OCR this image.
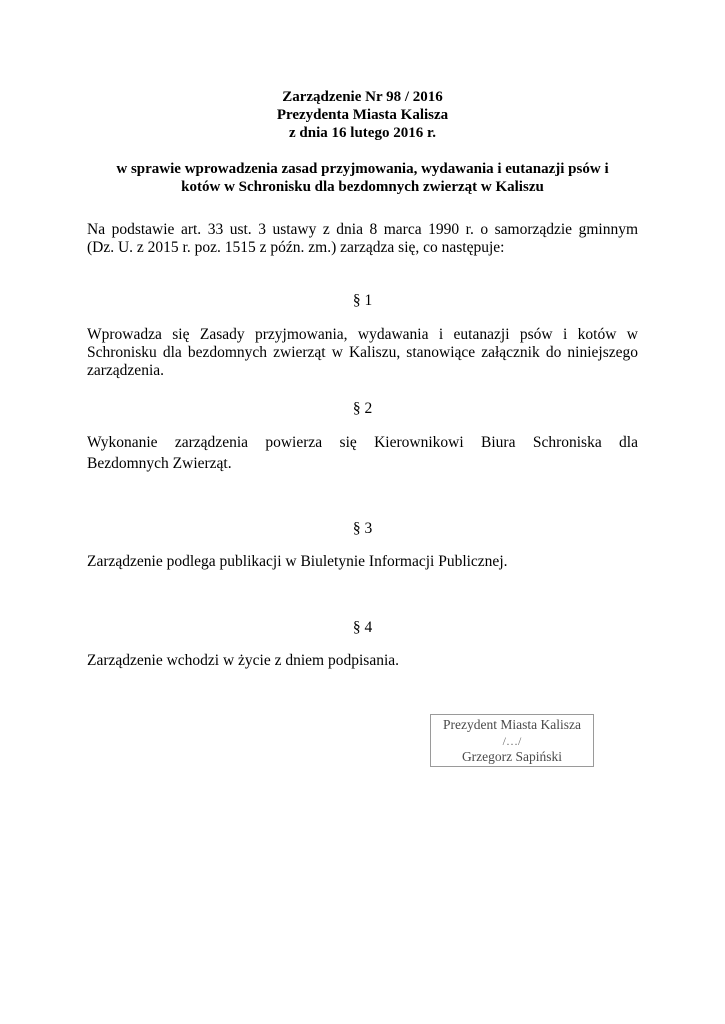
Zarządzenie Nr 98 / 2016
Prezydenta Miasta Kalisza
z dnia 16 lutego 2016 r.
w sprawie wprowadzenia zasad przyjmowania, wydawania i eutanazji psów i
kotów w Schronisku dla bezdomnych zwierząt w Kaliszu
Na podstawie art. 33 ust. 3 ustawy z dnia 8 marca 1990 r. o samorządzie gminnym
(Dz. U. z 2015 r. poz. 1515 z późn. zm.) zarządza się, co następuje:
§ 1
Wprowadza się Zasady przyjmowania, wydawania i eutanazji psów i kotów w
Schronisku dla bezdomnych zwierząt w Kaliszu, stanowiące załącznik do niniejszego
zarządzenia.
§ 2
Wykonanie zarządzenia powierza się Kierownikowi Biura Schroniska dla
Bezdomnych Zwierząt.
§ 3
Zarządzenie podlega publikacji w Biuletynie Informacji Publicznej.
§ 4
Zarządzenie wchodzi w życie z dniem podpisania.
Prezydent Miasta Kalisza
/…/
Grzegorz Sapiński
